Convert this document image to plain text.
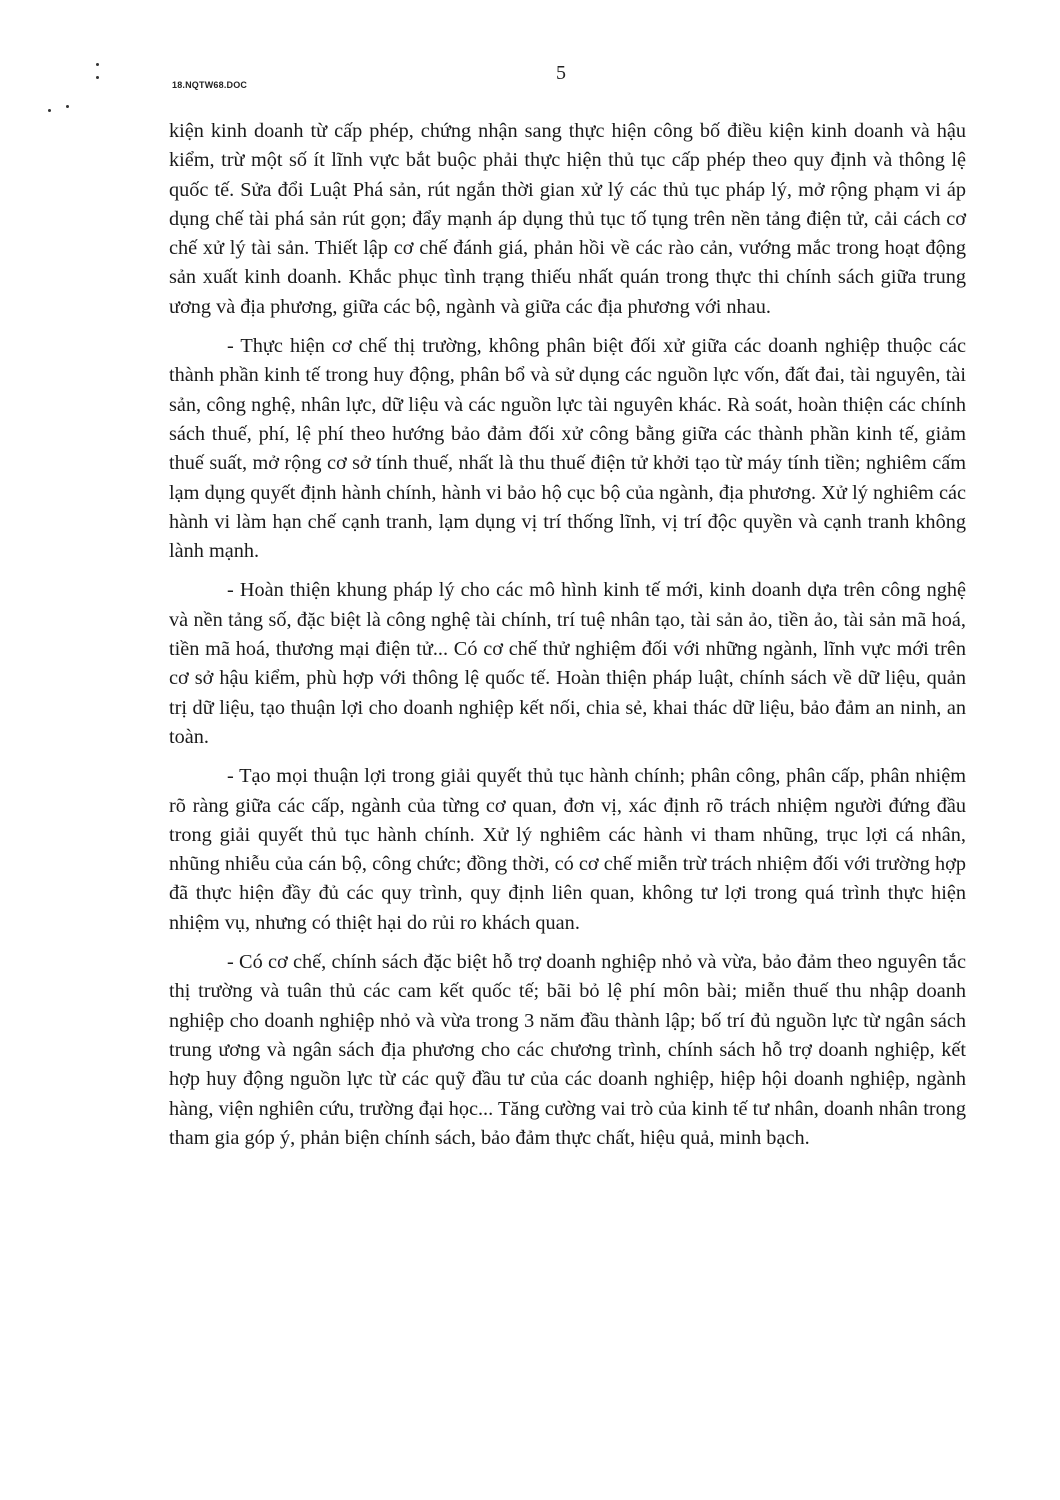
18.NQTW68.DOC
5

kiện kinh doanh từ cấp phép, chứng nhận sang thực hiện công bố điều kiện kinh doanh và hậu kiểm, trừ một số ít lĩnh vực bắt buộc phải thực hiện thủ tục cấp phép theo quy định và thông lệ quốc tế. Sửa đổi Luật Phá sản, rút ngắn thời gian xử lý các thủ tục pháp lý, mở rộng phạm vi áp dụng chế tài phá sản rút gọn; đẩy mạnh áp dụng thủ tục tố tụng trên nền tảng điện tử, cải cách cơ chế xử lý tài sản. Thiết lập cơ chế đánh giá, phản hồi về các rào cản, vướng mắc trong hoạt động sản xuất kinh doanh. Khắc phục tình trạng thiếu nhất quán trong thực thi chính sách giữa trung ương và địa phương, giữa các bộ, ngành và giữa các địa phương với nhau.

- Thực hiện cơ chế thị trường, không phân biệt đối xử giữa các doanh nghiệp thuộc các thành phần kinh tế trong huy động, phân bổ và sử dụng các nguồn lực vốn, đất đai, tài nguyên, tài sản, công nghệ, nhân lực, dữ liệu và các nguồn lực tài nguyên khác. Rà soát, hoàn thiện các chính sách thuế, phí, lệ phí theo hướng bảo đảm đối xử công bằng giữa các thành phần kinh tế, giảm thuế suất, mở rộng cơ sở tính thuế, nhất là thu thuế điện tử khởi tạo từ máy tính tiền; nghiêm cấm lạm dụng quyết định hành chính, hành vi bảo hộ cục bộ của ngành, địa phương. Xử lý nghiêm các hành vi làm hạn chế cạnh tranh, lạm dụng vị trí thống lĩnh, vị trí độc quyền và cạnh tranh không lành mạnh.

- Hoàn thiện khung pháp lý cho các mô hình kinh tế mới, kinh doanh dựa trên công nghệ và nền tảng số, đặc biệt là công nghệ tài chính, trí tuệ nhân tạo, tài sản ảo, tiền ảo, tài sản mã hoá, tiền mã hoá, thương mại điện tử... Có cơ chế thử nghiệm đối với những ngành, lĩnh vực mới trên cơ sở hậu kiểm, phù hợp với thông lệ quốc tế. Hoàn thiện pháp luật, chính sách về dữ liệu, quản trị dữ liệu, tạo thuận lợi cho doanh nghiệp kết nối, chia sẻ, khai thác dữ liệu, bảo đảm an ninh, an toàn.

- Tạo mọi thuận lợi trong giải quyết thủ tục hành chính; phân công, phân cấp, phân nhiệm rõ ràng giữa các cấp, ngành của từng cơ quan, đơn vị, xác định rõ trách nhiệm người đứng đầu trong giải quyết thủ tục hành chính. Xử lý nghiêm các hành vi tham nhũng, trục lợi cá nhân, nhũng nhiễu của cán bộ, công chức; đồng thời, có cơ chế miễn trừ trách nhiệm đối với trường hợp đã thực hiện đầy đủ các quy trình, quy định liên quan, không tư lợi trong quá trình thực hiện nhiệm vụ, nhưng có thiệt hại do rủi ro khách quan.

- Có cơ chế, chính sách đặc biệt hỗ trợ doanh nghiệp nhỏ và vừa, bảo đảm theo nguyên tắc thị trường và tuân thủ các cam kết quốc tế; bãi bỏ lệ phí môn bài; miễn thuế thu nhập doanh nghiệp cho doanh nghiệp nhỏ và vừa trong 3 năm đầu thành lập; bố trí đủ nguồn lực từ ngân sách trung ương và ngân sách địa phương cho các chương trình, chính sách hỗ trợ doanh nghiệp, kết hợp huy động nguồn lực từ các quỹ đầu tư của các doanh nghiệp, hiệp hội doanh nghiệp, ngành hàng, viện nghiên cứu, trường đại học... Tăng cường vai trò của kinh tế tư nhân, doanh nhân trong tham gia góp ý, phản biện chính sách, bảo đảm thực chất, hiệu quả, minh bạch.
